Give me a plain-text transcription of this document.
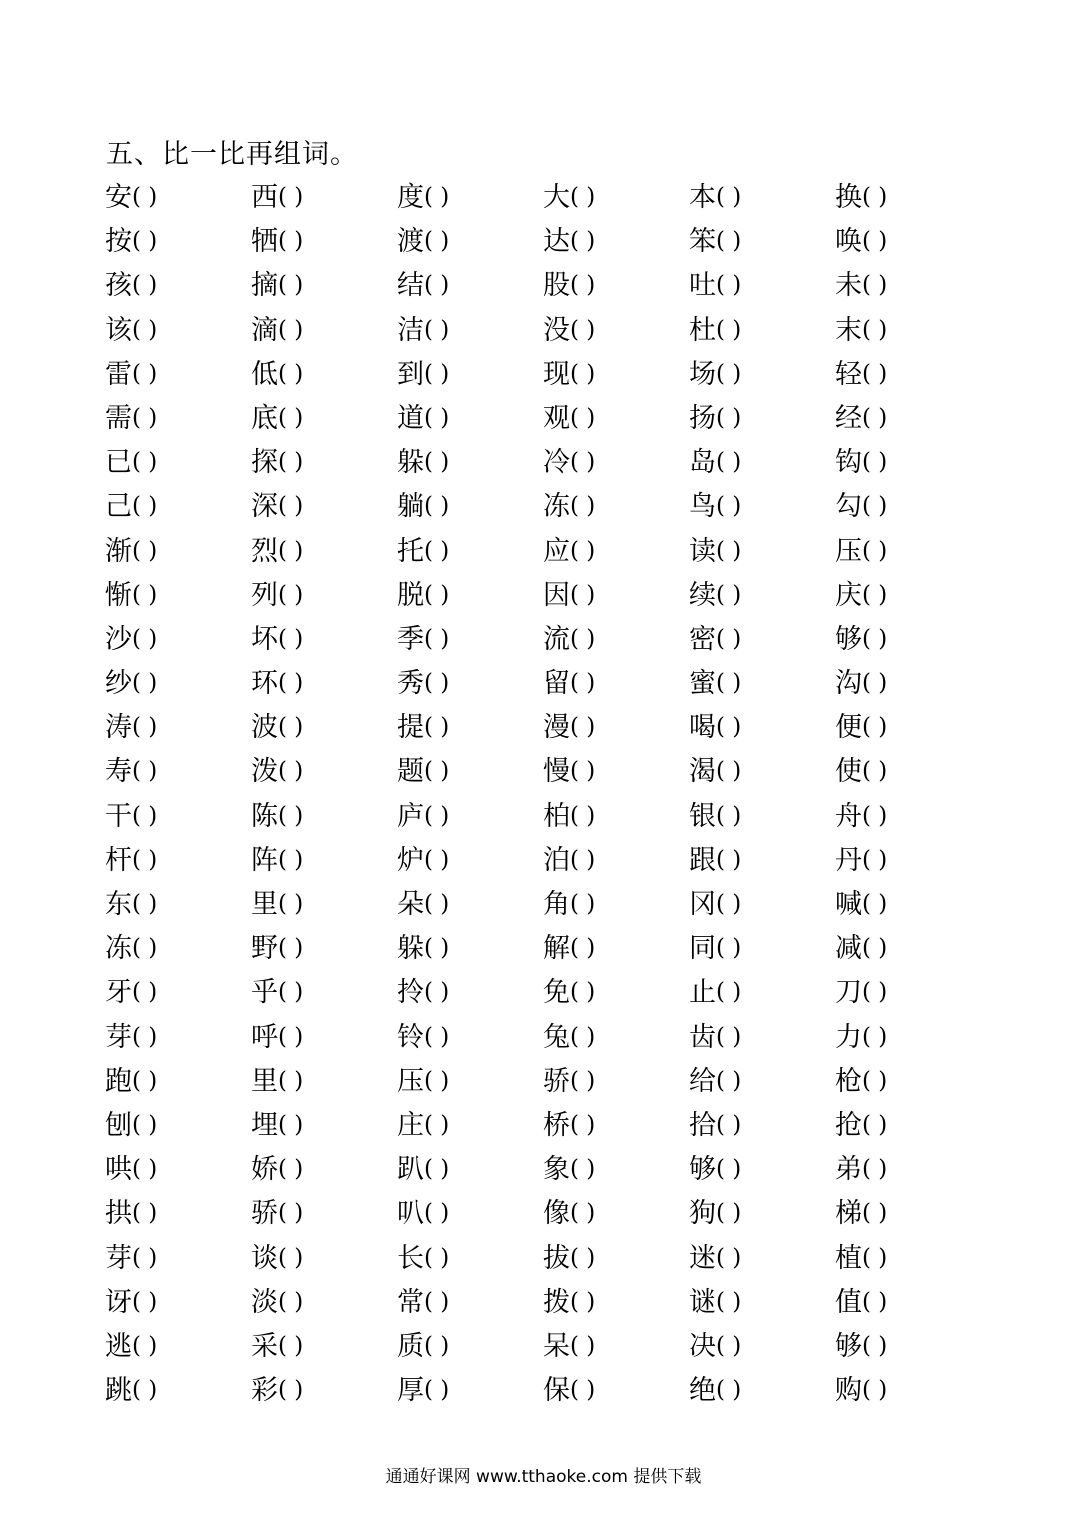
五、比一比再组词。
安( )	西( )	度( )	大( )	本( )	换( )
按( )	牺( )	渡( )	达( )	笨( )	唤( )
孩( )	摘( )	结( )	股( )	吐( )	未( )
该( )	滴( )	洁( )	没( )	杜( )	末( )
雷( )	低( )	到( )	现( )	场( )	轻( )
需( )	底( )	道( )	观( )	扬( )	经( )
已( )	探( )	躲( )	冷( )	岛( )	钩( )
己( )	深( )	躺( )	冻( )	鸟( )	勾( )
渐( )	烈( )	托( )	应( )	读( )	压( )
惭( )	列( )	脱( )	因( )	续( )	庆( )
沙( )	坏( )	季( )	流( )	密( )	够( )
纱( )	环( )	秀( )	留( )	蜜( )	沟( )
涛( )	波( )	提( )	漫( )	喝( )	便( )
寿( )	泼( )	题( )	慢( )	渴( )	使( )
干( )	陈( )	庐( )	柏( )	银( )	舟( )
杆( )	阵( )	炉( )	泊( )	跟( )	丹( )
东( )	里( )	朵( )	角( )	冈( )	喊( )
冻( )	野( )	躲( )	解( )	同( )	减( )
牙( )	乎( )	拎( )	免( )	止( )	刀( )
芽( )	呼( )	铃( )	兔( )	齿( )	力( )
跑( )	里( )	压( )	骄( )	给( )	枪( )
刨( )	埋( )	庄( )	桥( )	拾( )	抢( )
哄( )	娇( )	趴( )	象( )	够( )	弟( )
拱( )	骄( )	叭( )	像( )	狗( )	梯( )
芽( )	谈( )	长( )	拔( )	迷( )	植( )
讶( )	淡( )	常( )	拨( )	谜( )	值( )
逃( )	采( )	质( )	呆( )	决( )	够( )
跳( )	彩( )	厚( )	保( )	绝( )	购( )
通通好课网 www.tthaoke.com 提供下载
